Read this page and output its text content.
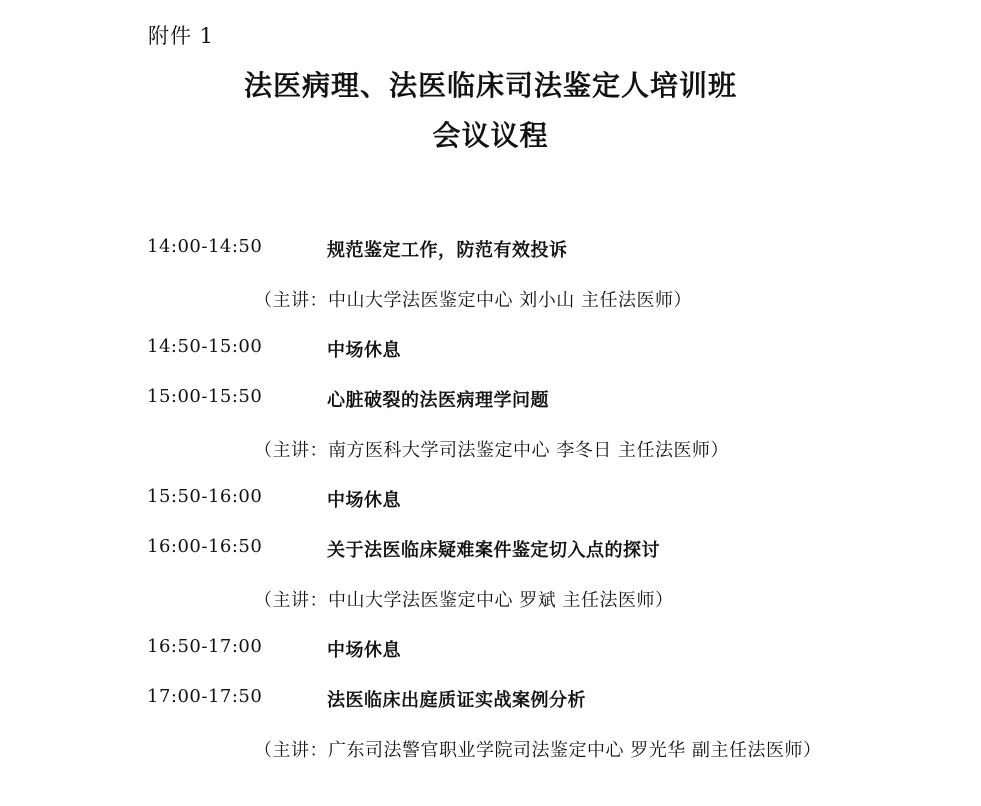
附件 1
法医病理、法医临床司法鉴定人培训班
会议议程
14:00-14:50	规范鉴定工作，防范有效投诉
（主讲：中山大学法医鉴定中心 刘小山 主任法医师）
14:50-15:00	中场休息
15:00-15:50	心脏破裂的法医病理学问题
（主讲：南方医科大学司法鉴定中心 李冬日 主任法医师）
15:50-16:00	中场休息
16:00-16:50	关于法医临床疑难案件鉴定切入点的探讨
（主讲：中山大学法医鉴定中心 罗斌 主任法医师）
16:50-17:00	中场休息
17:00-17:50	法医临床出庭质证实战案例分析
（主讲：广东司法警官职业学院司法鉴定中心 罗光华 副主任法医师）
